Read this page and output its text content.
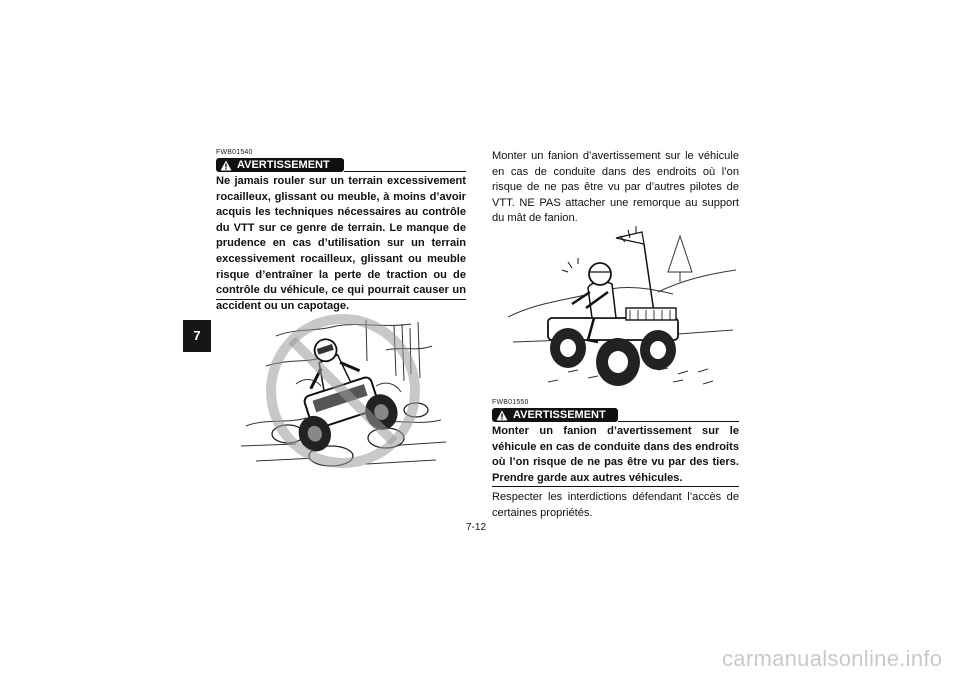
7
FWB01540
AVERTISSEMENT
Ne jamais rouler sur un terrain excessivement rocailleux, glissant ou meuble, à moins d’avoir acquis les techniques nécessaires au contrôle du VTT sur ce genre de terrain. Le manque de prudence en cas d’utilisation sur un terrain excessivement rocailleux, glissant ou meuble risque d’entraîner la perte de traction ou de contrôle du véhicule, ce qui pourrait causer un accident ou un capotage.
Monter un fanion d’avertissement sur le véhicule en cas de conduite dans des endroits où l’on risque de ne pas être vu par d’autres pilotes de VTT. NE PAS attacher une remorque au support du mât de fanion.
FWB01550
AVERTISSEMENT
Monter un fanion d’avertissement sur le véhicule en cas de conduite dans des endroits où l’on risque de ne pas être vu par des tiers. Prendre garde aux autres véhicules.
Respecter les interdictions défendant l’accès de certaines propriétés.
7-12
carmanualsonline.info
